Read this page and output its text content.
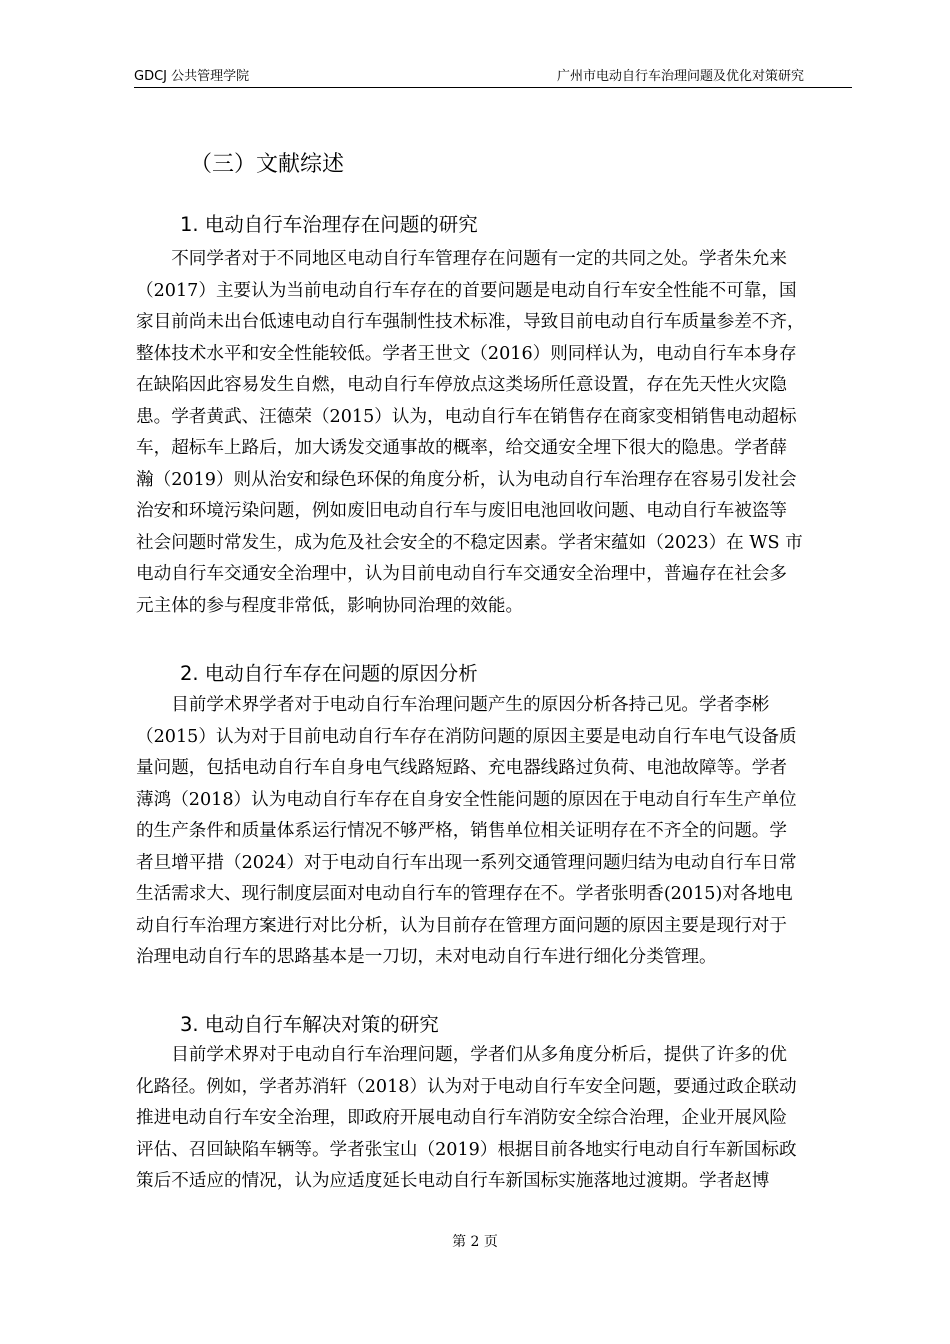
GDCJ 公共管理学院	广州市电动自行车治理问题及优化对策研究
（三）文献综述
1. 电动自行车治理存在问题的研究
　　不同学者对于不同地区电动自行车管理存在问题有一定的共同之处。学者朱允来
（2017）主要认为当前电动自行车存在的首要问题是电动自行车安全性能不可靠，国
家目前尚未出台低速电动自行车强制性技术标准，导致目前电动自行车质量参差不齐，
整体技术水平和安全性能较低。学者王世文（2016）则同样认为，电动自行车本身存
在缺陷因此容易发生自燃，电动自行车停放点这类场所任意设置，存在先天性火灾隐
患。学者黄武、汪德荣（2015）认为，电动自行车在销售存在商家变相销售电动超标
车，超标车上路后，加大诱发交通事故的概率，给交通安全埋下很大的隐患。学者薛
瀚（2019）则从治安和绿色环保的角度分析，认为电动自行车治理存在容易引发社会
治安和环境污染问题，例如废旧电动自行车与废旧电池回收问题、电动自行车被盗等
社会问题时常发生，成为危及社会安全的不稳定因素。学者宋蕴如（2023）在 WS 市
电动自行车交通安全治理中，认为目前电动自行车交通安全治理中，普遍存在社会多
元主体的参与程度非常低，影响协同治理的效能。
2. 电动自行车存在问题的原因分析
　　目前学术界学者对于电动自行车治理问题产生的原因分析各持己见。学者李彬
（2015）认为对于目前电动自行车存在消防问题的原因主要是电动自行车电气设备质
量问题，包括电动自行车自身电气线路短路、充电器线路过负荷、电池故障等。学者
薄鸿（2018）认为电动自行车存在自身安全性能问题的原因在于电动自行车生产单位
的生产条件和质量体系运行情况不够严格，销售单位相关证明存在不齐全的问题。学
者旦增平措（2024）对于电动自行车出现一系列交通管理问题归结为电动自行车日常
生活需求大、现行制度层面对电动自行车的管理存在不。学者张明香(2015)对各地电
动自行车治理方案进行对比分析，认为目前存在管理方面问题的原因主要是现行对于
治理电动自行车的思路基本是一刀切，未对电动自行车进行细化分类管理。
3. 电动自行车解决对策的研究
　　目前学术界对于电动自行车治理问题，学者们从多角度分析后，提供了许多的优
化路径。例如，学者苏消轩（2018）认为对于电动自行车安全问题，要通过政企联动
推进电动自行车安全治理，即政府开展电动自行车消防安全综合治理，企业开展风险
评估、召回缺陷车辆等。学者张宝山（2019）根据目前各地实行电动自行车新国标政
策后不适应的情况，认为应适度延长电动自行车新国标实施落地过渡期。学者赵博
第 2 页
